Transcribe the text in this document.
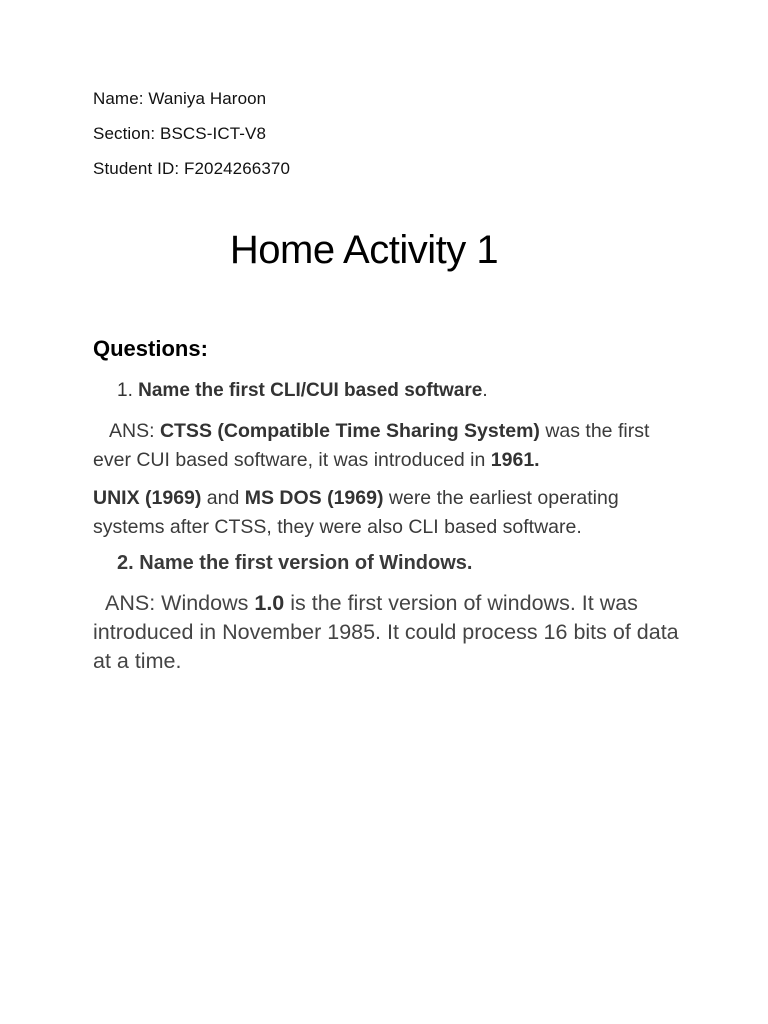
Name: Waniya Haroon
Section: BSCS-ICT-V8
Student ID: F2024266370
Home Activity 1
Questions:
1. Name the first CLI/CUI based software.
ANS: CTSS (Compatible Time Sharing System) was the first ever CUI based software, it was introduced in 1961.
UNIX (1969) and MS DOS (1969) were the earliest operating systems after CTSS, they were also CLI based software.
2. Name the first version of Windows.
ANS: Windows 1.0 is the first version of windows. It was introduced in November 1985. It could process 16 bits of data at a time.
